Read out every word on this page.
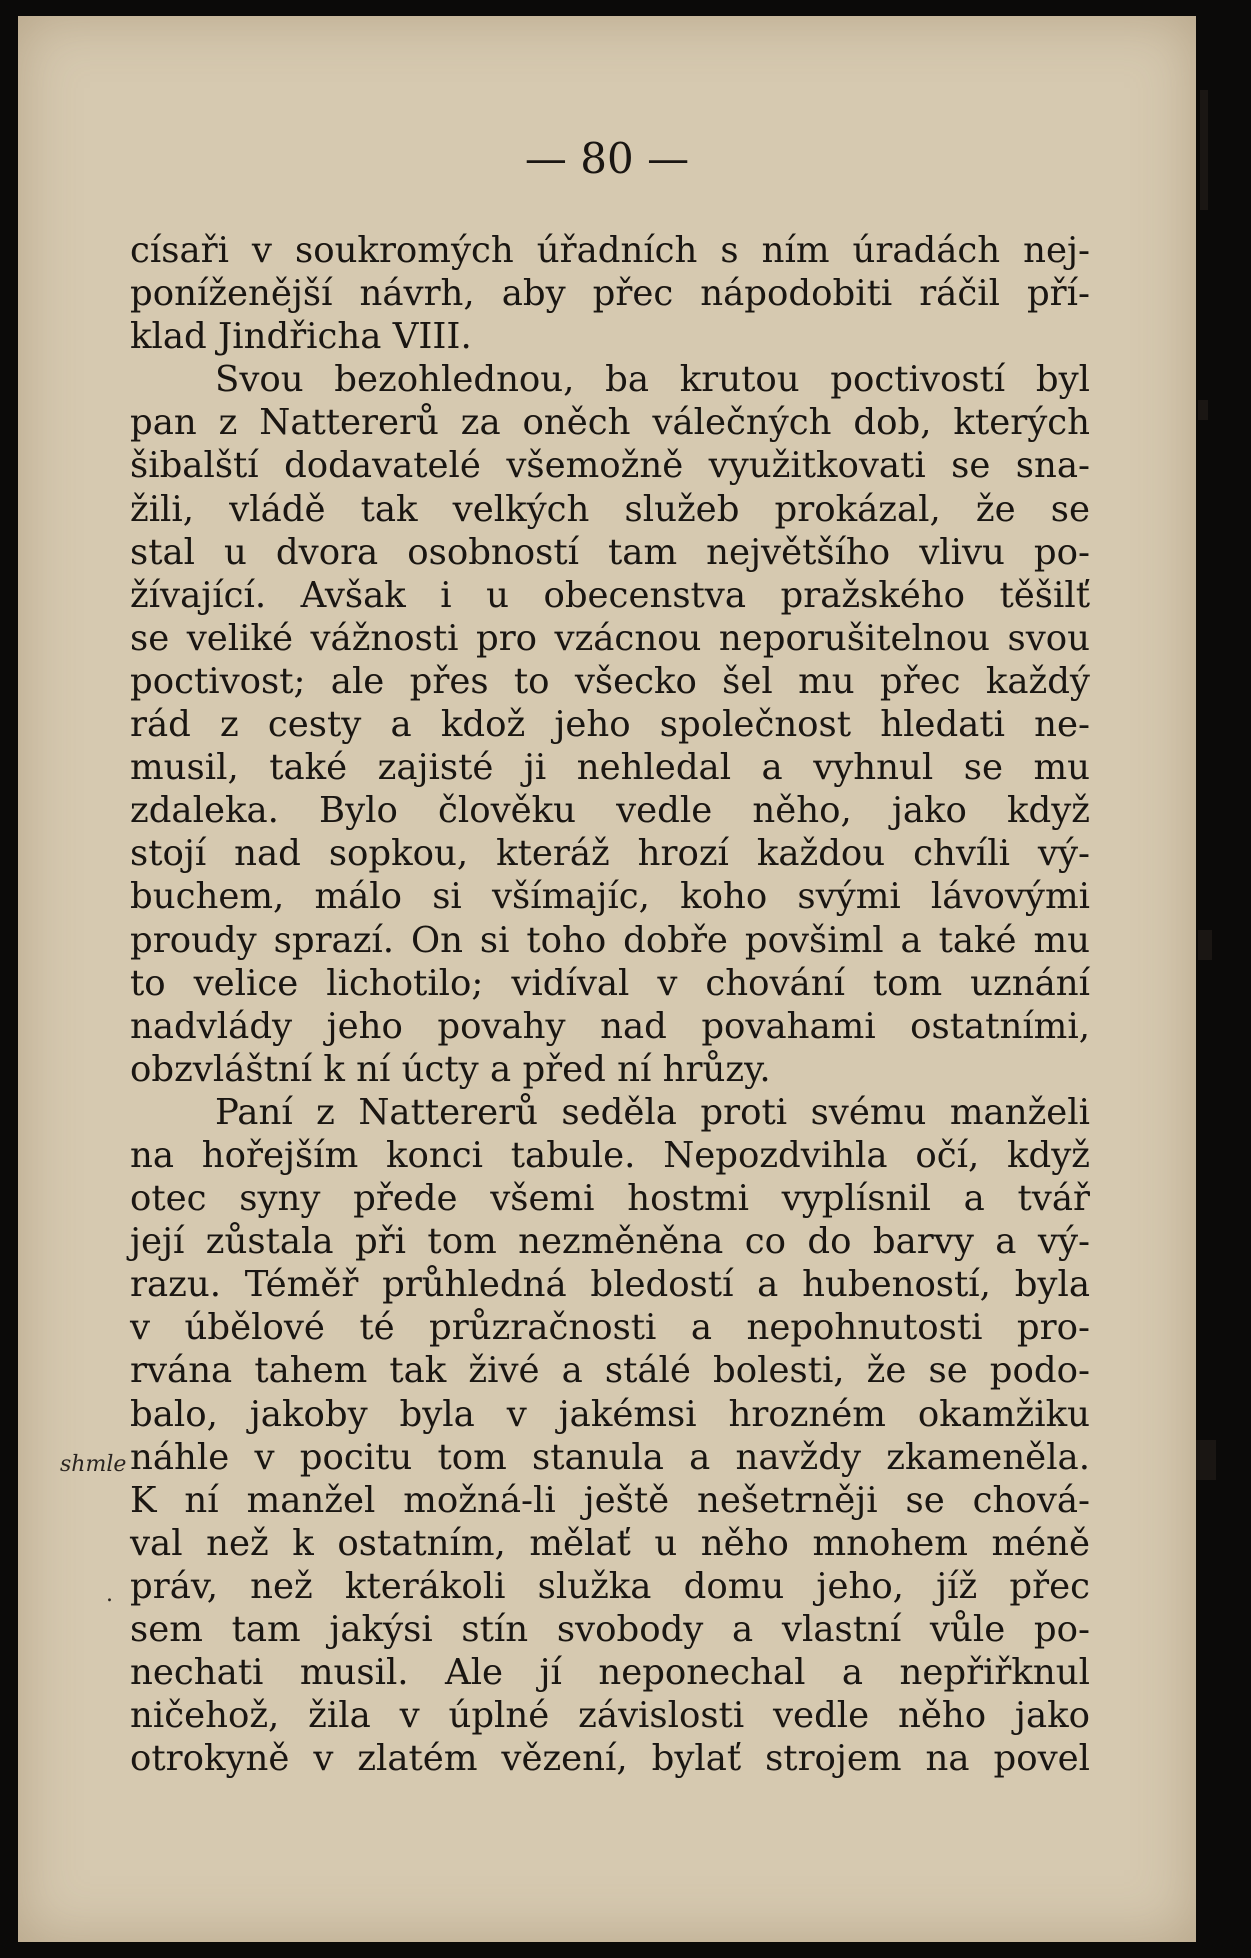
— 80 —
shmle
.
císaři v soukromých úřadních s ním úradách nej-
poníženější návrh, aby přec nápodobiti ráčil pří-
klad Jindřicha VIII.
Svou bezohlednou, ba krutou poctivostí byl
pan z Nattererů za oněch válečných dob, kterých
šibalští dodavatelé všemožně využitkovati se sna-
žili, vládě tak velkých služeb prokázal, že se
stal u dvora osobností tam největšího vlivu po-
žívající. Avšak i u obecenstva pražského těšilť
se veliké vážnosti pro vzácnou neporušitelnou svou
poctivost; ale přes to všecko šel mu přec každý
rád z cesty a kdož jeho společnost hledati ne-
musil, také zajisté ji nehledal a vyhnul se mu
zdaleka. Bylo člověku vedle něho, jako když
stojí nad sopkou, kteráž hrozí každou chvíli vý-
buchem, málo si všímajíc, koho svými lávovými
proudy sprazí. On si toho dobře povšiml a také mu
to velice lichotilo; vidíval v chování tom uznání
nadvlády jeho povahy nad povahami ostatními,
obzvláštní k ní úcty a před ní hrůzy.
Paní z Nattererů seděla proti svému manželi
na hořejším konci tabule. Nepozdvihla očí, když
otec syny přede všemi hostmi vyplísnil a tvář
její zůstala při tom nezměněna co do barvy a vý-
razu. Téměř průhledná bledostí a hubeností, byla
v úbělové té průzračnosti a nepohnutosti pro-
rvána tahem tak živé a stálé bolesti, že se podo-
balo, jakoby byla v jakémsi hrozném okamžiku
náhle v pocitu tom stanula a navždy zkameněla.
K ní manžel možná-li ještě nešetrněji se chová-
val než k ostatním, mělať u něho mnohem méně
práv, než kterákoli služka domu jeho, jíž přec
sem tam jakýsi stín svobody a vlastní vůle po-
nechati musil. Ale jí neponechal a nepřiřknul
ničehož, žila v úplné závislosti vedle něho jako
otrokyně v zlatém vězení, bylať strojem na povel
